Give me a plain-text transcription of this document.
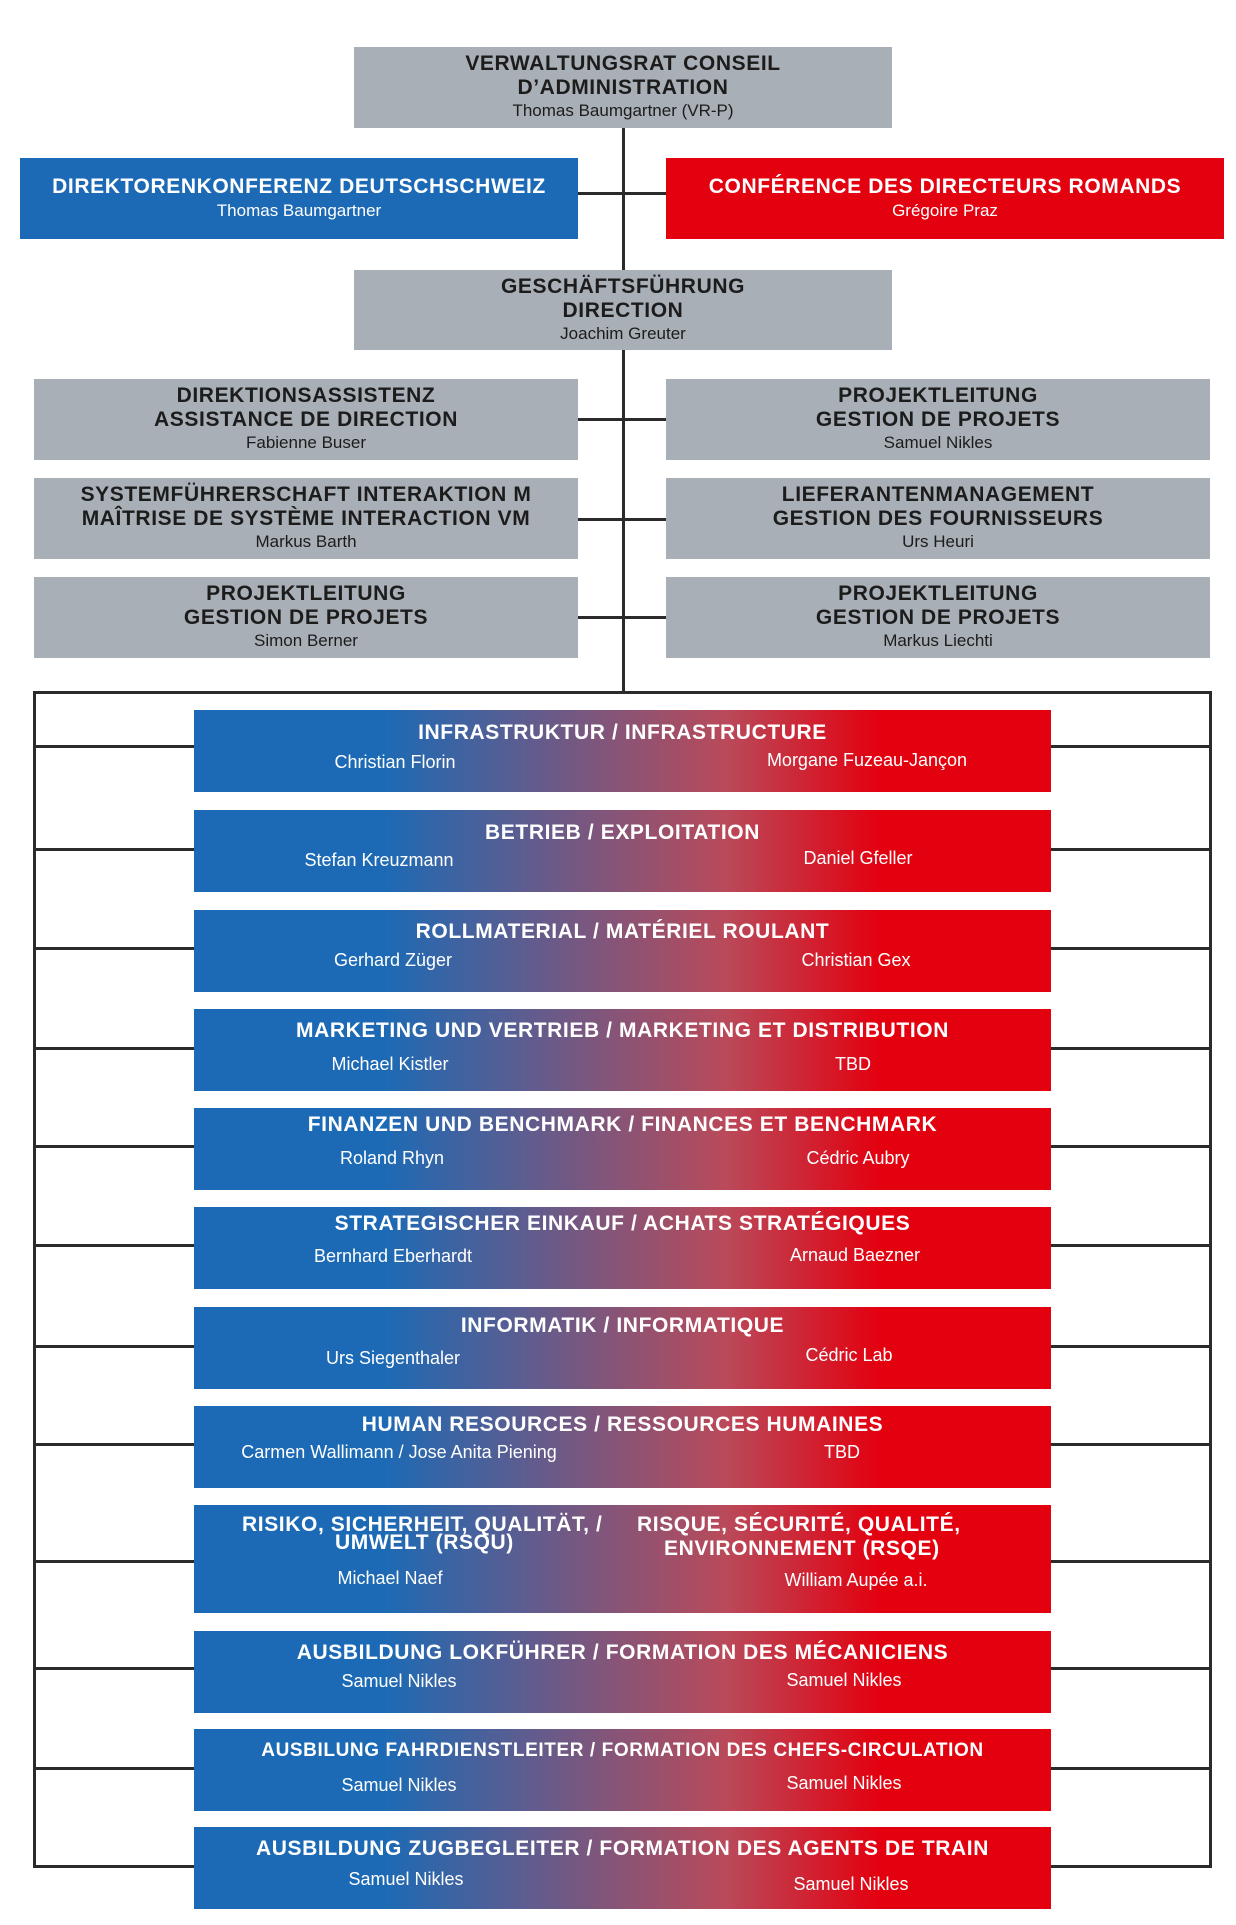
VERWALTUNGSRAT CONSEIL
D’ADMINISTRATION
Thomas Baumgartner (VR-P)
DIREKTORENKONFERENZ DEUTSCHSCHWEIZ
Thomas Baumgartner
CONFÉRENCE DES DIRECTEURS ROMANDS
Grégoire Praz
GESCHÄFTSFÜHRUNG
DIRECTION
Joachim Greuter
DIREKTIONSASSISTENZ
ASSISTANCE DE DIRECTION
Fabienne Buser
SYSTEMFÜHRERSCHAFT INTERAKTION M
MAÎTRISE DE SYSTÈME INTERACTION VM
Markus Barth
PROJEKTLEITUNG
GESTION DE PROJETS
Simon Berner
PROJEKTLEITUNG
GESTION DE PROJETS
Samuel Nikles
LIEFERANTENMANAGEMENT
GESTION DES FOURNISSEURS
Urs Heuri
PROJEKTLEITUNG
GESTION DE PROJETS
Markus Liechti
INFRASTRUKTUR / INFRASTRUCTURE
Christian Florin	Morgane Fuzeau-Jançon
BETRIEB / EXPLOITATION
Stefan Kreuzmann	Daniel Gfeller
ROLLMATERIAL / MATÉRIEL ROULANT
Gerhard Züger	Christian Gex
MARKETING UND VERTRIEB / MARKETING ET DISTRIBUTION
Michael Kistler	TBD
FINANZEN UND BENCHMARK / FINANCES ET BENCHMARK
Roland Rhyn	Cédric Aubry
STRATEGISCHER EINKAUF / ACHATS STRATÉGIQUES
Bernhard Eberhardt	Arnaud Baezner
INFORMATIK / INFORMATIQUE
Urs Siegenthaler	Cédric Lab
HUMAN RESOURCES / RESSOURCES HUMAINES
Carmen Wallimann / Jose Anita Piening	TBD
RISIKO, SICHERHEIT, QUALITÄT, /
UMWELT (RSQU)
RISQUE, SÉCURITÉ, QUALITÉ,
ENVIRONNEMENT (RSQE)
Michael Naef	William Aupée a.i.
AUSBILDUNG LOKFÜHRER / FORMATION DES MÉCANICIENS
Samuel Nikles	Samuel Nikles
AUSBILUNG FAHRDIENSTLEITER / FORMATION DES CHEFS-CIRCULATION
Samuel Nikles	Samuel Nikles
AUSBILDUNG ZUGBEGLEITER / FORMATION DES AGENTS DE TRAIN
Samuel Nikles	Samuel Nikles
